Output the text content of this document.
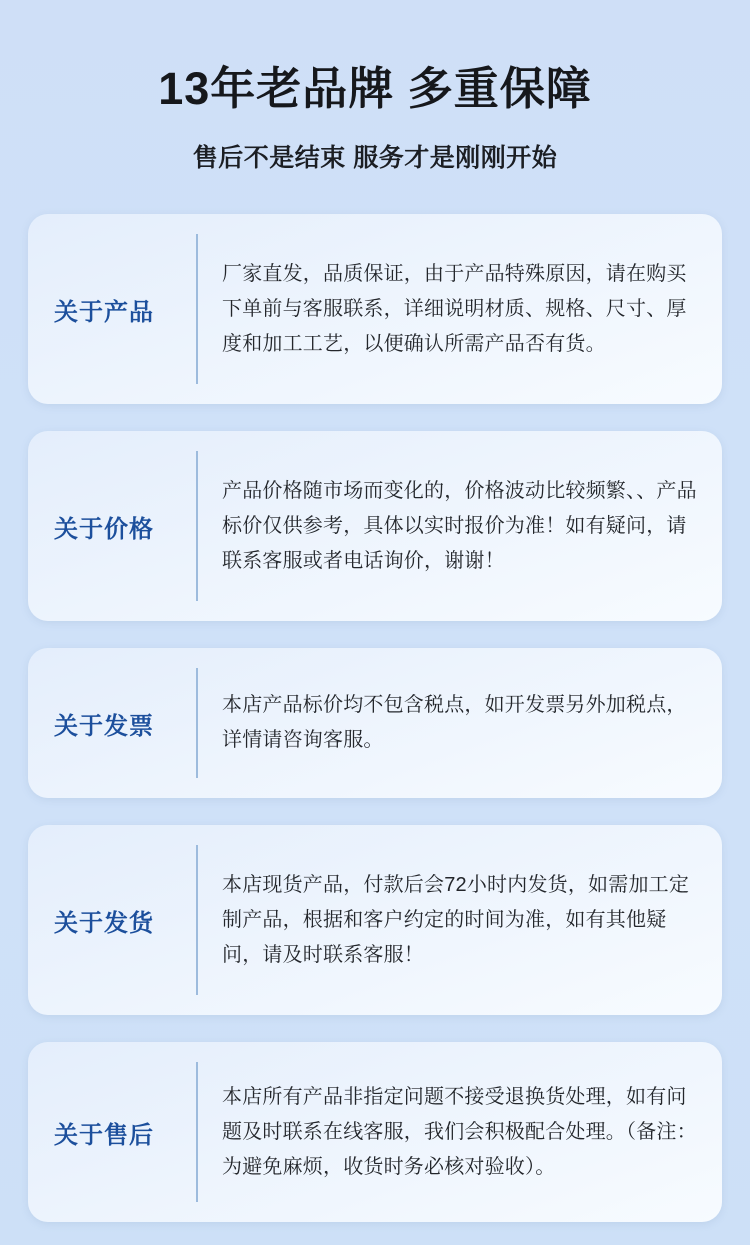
13年老品牌 多重保障
售后不是结束 服务才是刚刚开始
关于产品
厂家直发，品质保证，由于产品特殊原因，请在购买下单前与客服联系，详细说明材质、规格、尺寸、厚度和加工工艺，以便确认所需产品否有货。
关于价格
产品价格随市场而变化的，价格波动比较频繁、、产品标价仅供参考，具体以实时报价为准！如有疑问，请联系客服或者电话询价，谢谢！
关于发票
本店产品标价均不包含税点，如开发票另外加税点，详情请咨询客服。
关于发货
本店现货产品，付款后会72小时内发货，如需加工定制产品，根据和客户约定的时间为准，如有其他疑问，请及时联系客服！
关于售后
本店所有产品非指定问题不接受退换货处理，如有问题及时联系在线客服，我们会积极配合处理。（备注：为避免麻烦，收货时务必核对验收）。
